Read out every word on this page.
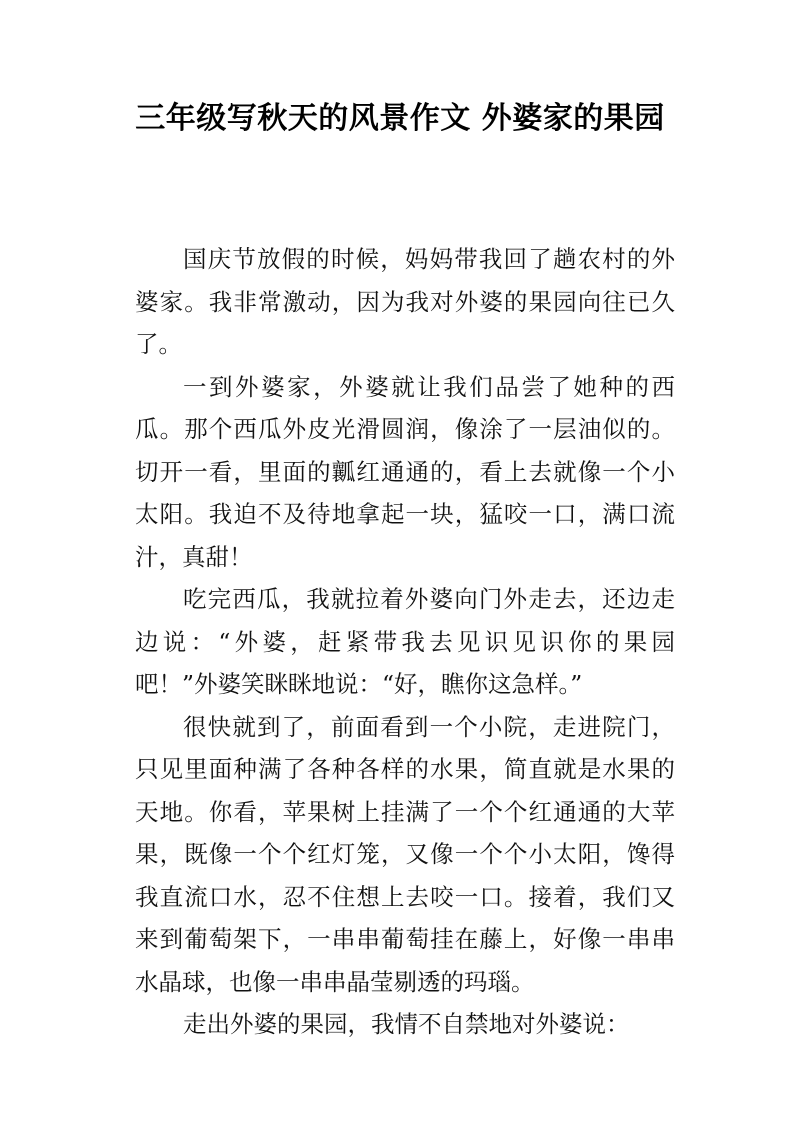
三年级写秋天的风景作文 外婆家的果园

国庆节放假的时候，妈妈带我回了趟农村的外婆家。我非常激动，因为我对外婆的果园向往已久了。

一到外婆家，外婆就让我们品尝了她种的西瓜。那个西瓜外皮光滑圆润，像涂了一层油似的。切开一看，里面的瓤红通通的，看上去就像一个小太阳。我迫不及待地拿起一块，猛咬一口，满口流汁，真甜！

吃完西瓜，我就拉着外婆向门外走去，还边走边说：“外婆，赶紧带我去见识见识你的果园吧！”外婆笑眯眯地说：“好，瞧你这急样。”

很快就到了，前面看到一个小院，走进院门，只见里面种满了各种各样的水果，简直就是水果的天地。你看，苹果树上挂满了一个个红通通的大苹果，既像一个个红灯笼，又像一个个小太阳，馋得我直流口水，忍不住想上去咬一口。接着，我们又来到葡萄架下，一串串葡萄挂在藤上，好像一串串水晶球，也像一串串晶莹剔透的玛瑙。

走出外婆的果园，我情不自禁地对外婆说：
